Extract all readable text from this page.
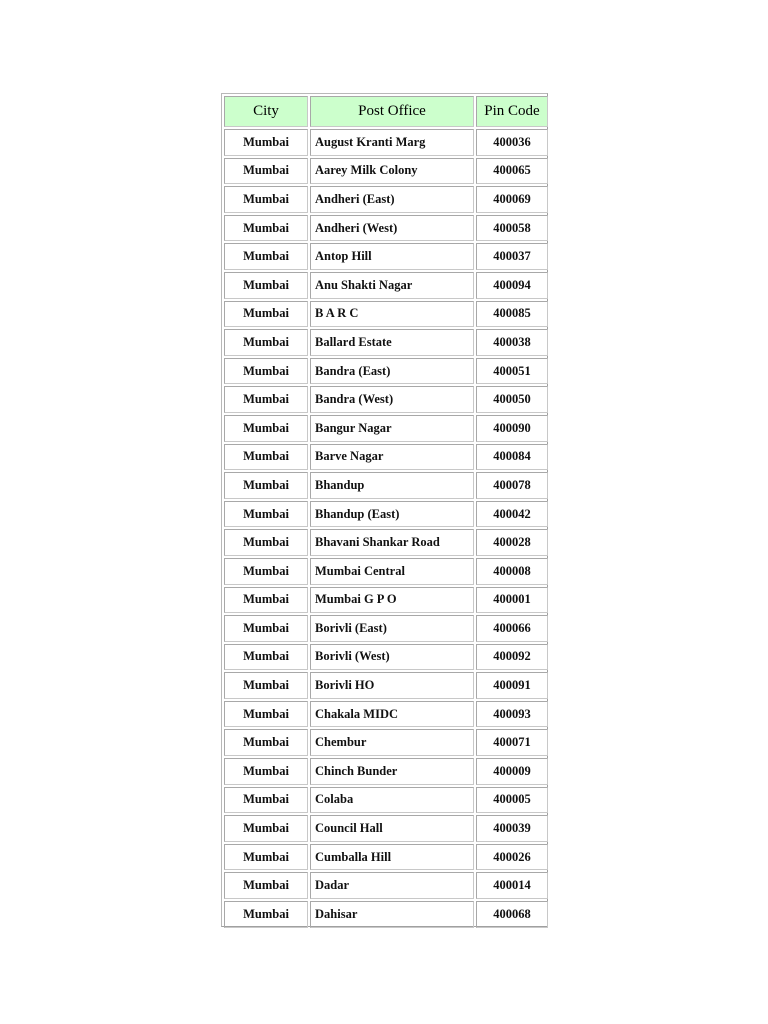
City	Post Office	Pin Code
Mumbai	August Kranti Marg	400036
Mumbai	Aarey Milk Colony	400065
Mumbai	Andheri (East)	400069
Mumbai	Andheri (West)	400058
Mumbai	Antop Hill	400037
Mumbai	Anu Shakti Nagar	400094
Mumbai	B A R C	400085
Mumbai	Ballard Estate	400038
Mumbai	Bandra (East)	400051
Mumbai	Bandra (West)	400050
Mumbai	Bangur Nagar	400090
Mumbai	Barve Nagar	400084
Mumbai	Bhandup	400078
Mumbai	Bhandup (East)	400042
Mumbai	Bhavani Shankar Road	400028
Mumbai	Mumbai Central	400008
Mumbai	Mumbai G P O	400001
Mumbai	Borivli (East)	400066
Mumbai	Borivli (West)	400092
Mumbai	Borivli HO	400091
Mumbai	Chakala MIDC	400093
Mumbai	Chembur	400071
Mumbai	Chinch Bunder	400009
Mumbai	Colaba	400005
Mumbai	Council Hall	400039
Mumbai	Cumballa Hill	400026
Mumbai	Dadar	400014
Mumbai	Dahisar	400068
